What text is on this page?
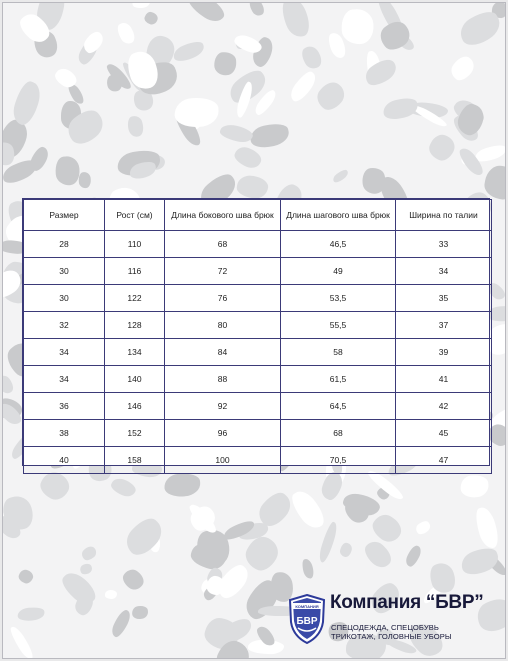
Размер	Рост (см)	Длина бокового шва брюк	Длина шагового шва брюк	Ширина по талии
28	110	68	46,5	33
30	116	72	49	34
30	122	76	53,5	35
32	128	80	55,5	37
34	134	84	58	39
34	140	88	61,5	41
36	146	92	64,5	42
38	152	96	68	45
40	158	100	70,5	47
КОМПАНИЯ
БВР
Компания “БВР”
СПЕЦОДЕЖДА, СПЕЦОБУВЬ
ТРИКОТАЖ, ГОЛОВНЫЕ УБОРЫ
